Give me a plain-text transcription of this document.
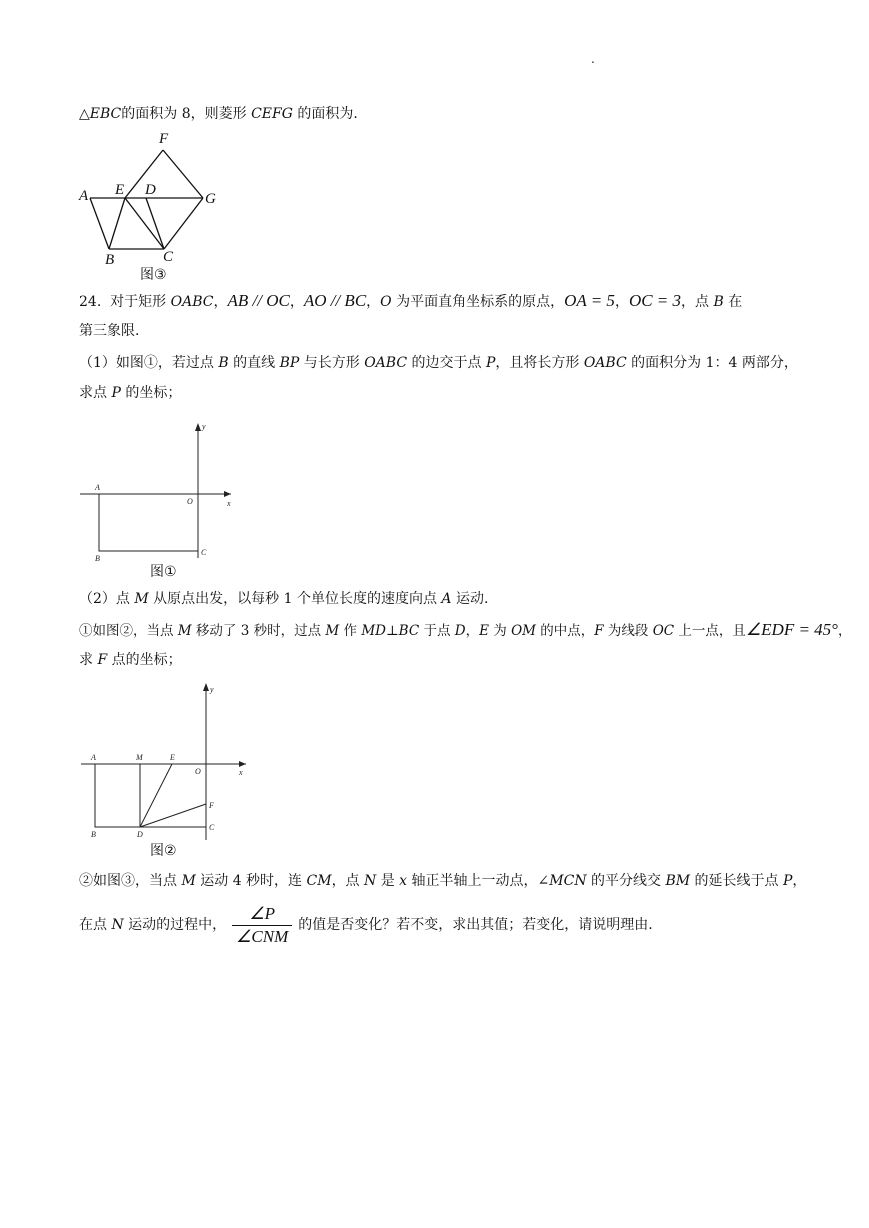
.
△EBC的面积为 8，则菱形 CEFG 的面积为.
F
A E D
G
B	C
图③
24. 对于矩形 OABC，AB // OC，AO // BC，O 为平面直角坐标系的原点，OA = 5，OC = 3，点 B 在
第三象限.
（1）如图①，若过点 B 的直线 BP 与长方形 OABC 的边交于点 P，且将长方形 OABC 的面积分为 1：4 两部分，
求点 P 的坐标；
y
A
O	x
B
C
图①
（2）点 M 从原点出发，以每秒 1 个单位长度的速度向点 A 运动.
①如图②，当点 M 移动了 3 秒时，过点 M 作 MD⊥BC 于点 D，E 为 OM 的中点，F 为线段 OC 上一点，且∠EDF = 45°，
求 F 点的坐标；
y
A	M	E
O	x
F
B	D
C
图②
②如图③，当点 M 运动 4 秒时，连 CM，点 N 是 x 轴正半轴上一动点，∠MCN 的平分线交 BM 的延长线于点 P，
在点 N 运动的过程中， $\frac{\angle P}{\text{∠CNM}}$ 的值是否变化？若不变，求出其值；若变化，请说明理由.
